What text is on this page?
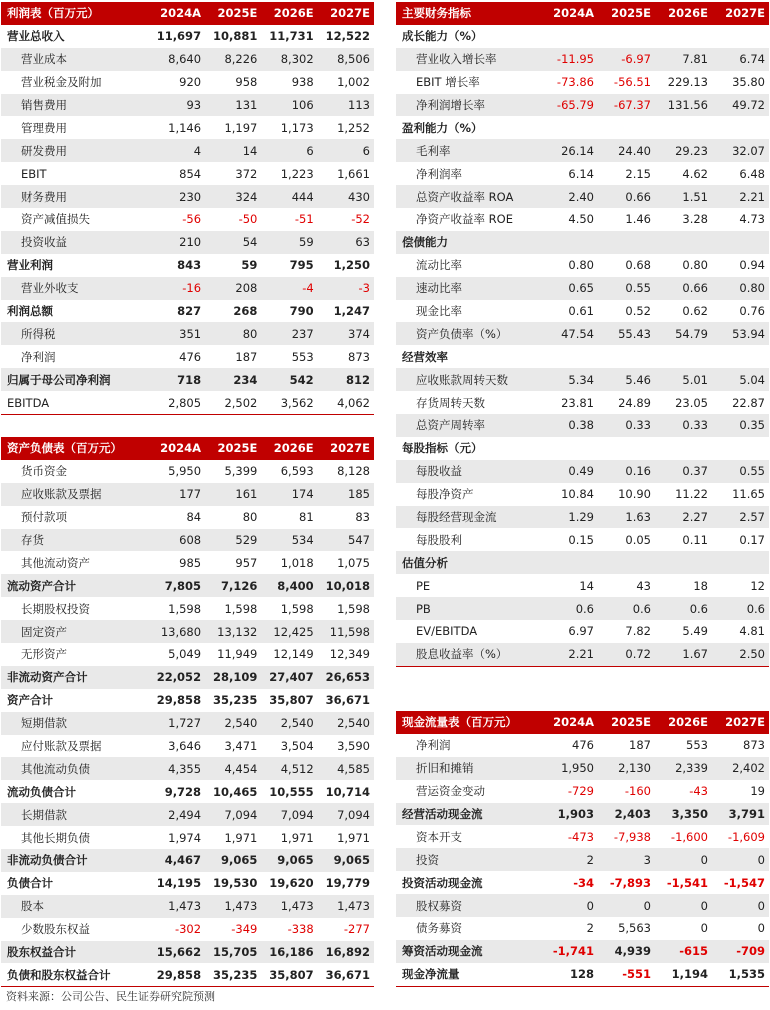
利润表（百万元）	2024A	2025E	2026E	2027E
营业总收入	11,697	10,881	11,731	12,522
营业成本	8,640	8,226	8,302	8,506
营业税金及附加	920	958	938	1,002
销售费用	93	131	106	113
管理费用	1,146	1,197	1,173	1,252
研发费用	4	14	6	6
EBIT	854	372	1,223	1,661
财务费用	230	324	444	430
资产减值损失	-56	-50	-51	-52
投资收益	210	54	59	63
营业利润	843	59	795	1,250
营业外收支	-16	208	-4	-3
利润总额	827	268	790	1,247
所得税	351	80	237	374
净利润	476	187	553	873
归属于母公司净利润	718	234	542	812
EBITDA	2,805	2,502	3,562	4,062
资产负债表（百万元）	2024A	2025E	2026E	2027E
货币资金	5,950	5,399	6,593	8,128
应收账款及票据	177	161	174	185
预付款项	84	80	81	83
存货	608	529	534	547
其他流动资产	985	957	1,018	1,075
流动资产合计	7,805	7,126	8,400	10,018
长期股权投资	1,598	1,598	1,598	1,598
固定资产	13,680	13,132	12,425	11,598
无形资产	5,049	11,949	12,149	12,349
非流动资产合计	22,052	28,109	27,407	26,653
资产合计	29,858	35,235	35,807	36,671
短期借款	1,727	2,540	2,540	2,540
应付账款及票据	3,646	3,471	3,504	3,590
其他流动负债	4,355	4,454	4,512	4,585
流动负债合计	9,728	10,465	10,555	10,714
长期借款	2,494	7,094	7,094	7,094
其他长期负债	1,974	1,971	1,971	1,971
非流动负债合计	4,467	9,065	9,065	9,065
负债合计	14,195	19,530	19,620	19,779
股本	1,473	1,473	1,473	1,473
少数股东权益	-302	-349	-338	-277
股东权益合计	15,662	15,705	16,186	16,892
负债和股东权益合计	29,858	35,235	35,807	36,671
主要财务指标	2024A	2025E	2026E	2027E
成长能力（%）				
营业收入增长率	-11.95	-6.97	7.81	6.74
EBIT 增长率	-73.86	-56.51	229.13	35.80
净利润增长率	-65.79	-67.37	131.56	49.72
盈利能力（%）				
毛利率	26.14	24.40	29.23	32.07
净利润率	6.14	2.15	4.62	6.48
总资产收益率 ROA	2.40	0.66	1.51	2.21
净资产收益率 ROE	4.50	1.46	3.28	4.73
偿债能力				
流动比率	0.80	0.68	0.80	0.94
速动比率	0.65	0.55	0.66	0.80
现金比率	0.61	0.52	0.62	0.76
资产负债率（%）	47.54	55.43	54.79	53.94
经营效率				
应收账款周转天数	5.34	5.46	5.01	5.04
存货周转天数	23.81	24.89	23.05	22.87
总资产周转率	0.38	0.33	0.33	0.35
每股指标（元）				
每股收益	0.49	0.16	0.37	0.55
每股净资产	10.84	10.90	11.22	11.65
每股经营现金流	1.29	1.63	2.27	2.57
每股股利	0.15	0.05	0.11	0.17
估值分析				
PE	14	43	18	12
PB	0.6	0.6	0.6	0.6
EV/EBITDA	6.97	7.82	5.49	4.81
股息收益率（%）	2.21	0.72	1.67	2.50
现金流量表（百万元）	2024A	2025E	2026E	2027E
净利润	476	187	553	873
折旧和摊销	1,950	2,130	2,339	2,402
营运资金变动	-729	-160	-43	19
经营活动现金流	1,903	2,403	3,350	3,791
资本开支	-473	-7,938	-1,600	-1,609
投资	2	3	0	0
投资活动现金流	-34	-7,893	-1,541	-1,547
股权募资	0	0	0	0
债务募资	2	5,563	0	0
筹资活动现金流	-1,741	4,939	-615	-709
现金净流量	128	-551	1,194	1,535
资料来源：公司公告、民生证券研究院预测
